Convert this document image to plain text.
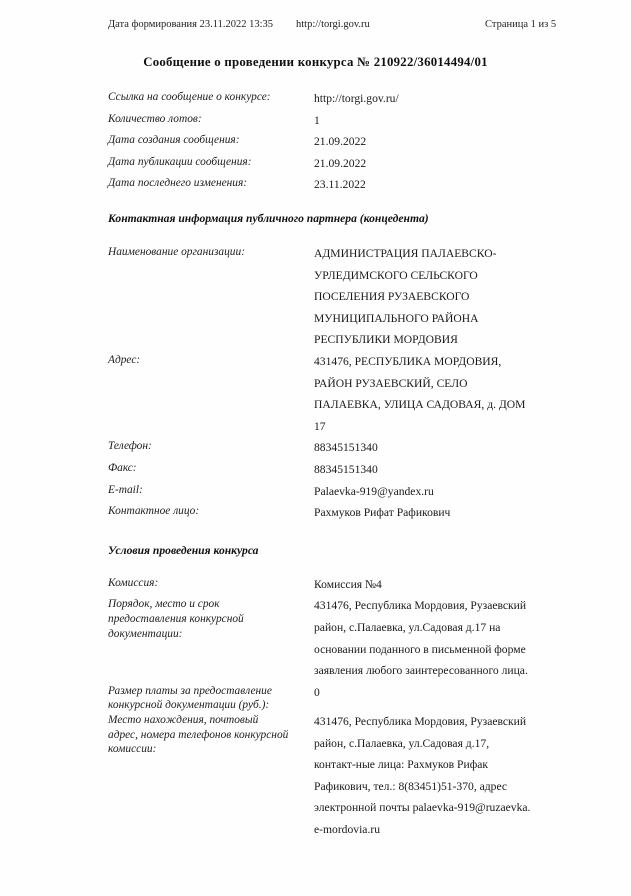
Дата формирования 23.11.2022 13:35 http://torgi.gov.ru	Страница 1 из 5
Сообщение о проведении конкурса № 210922/36014494/01
Ссылка на сообщение о конкурсе:	http://torgi.gov.ru/
Количество лотов:	1
Дата создания сообщения:	21.09.2022
Дата публикации сообщения:	21.09.2022
Дата последнего изменения:	23.11.2022
Контактная информация публичного партнера (концедента)
Наименование организации:	АДМИНИСТРАЦИЯ ПАЛАЕВСКО-
УРЛЕДИМСКОГО СЕЛЬСКОГО
ПОСЕЛЕНИЯ РУЗАЕВСКОГО
МУНИЦИПАЛЬНОГО РАЙОНА
РЕСПУБЛИКИ МОРДОВИЯ
Адрес:	431476, РЕСПУБЛИКА МОРДОВИЯ,
РАЙОН РУЗАЕВСКИЙ, СЕЛО
ПАЛАЕВКА, УЛИЦА САДОВАЯ, д. ДОМ
17
Телефон:	88345151340
Факс:	88345151340
E-mail:	Palaevka-919@yandex.ru
Контактное лицо:	Рахмуков Рифат Рафикович
Условия проведения конкурса
Комиссия:	Комиссия №4
Порядок, место и срок
предоставления конкурсной
документации:
431476, Республика Мордовия, Рузаевский
район, с.Палаевка, ул.Садовая д.17 на
основании поданного в письменной форме
заявления любого заинтересованного лица.
Размер платы за предоставление
конкурсной документации (руб.):
0
Место нахождения, почтовый
адрес, номера телефонов конкурсной
комиссии:
431476, Республика Мордовия, Рузаевский
район, с.Палаевка, ул.Садовая д.17,
контакт-ные лица: Рахмуков Рифак
Рафикович, тел.: 8(83451)51-370, адрес
электронной почты palaevka-919@ruzaevka.
e-mordovia.ru
